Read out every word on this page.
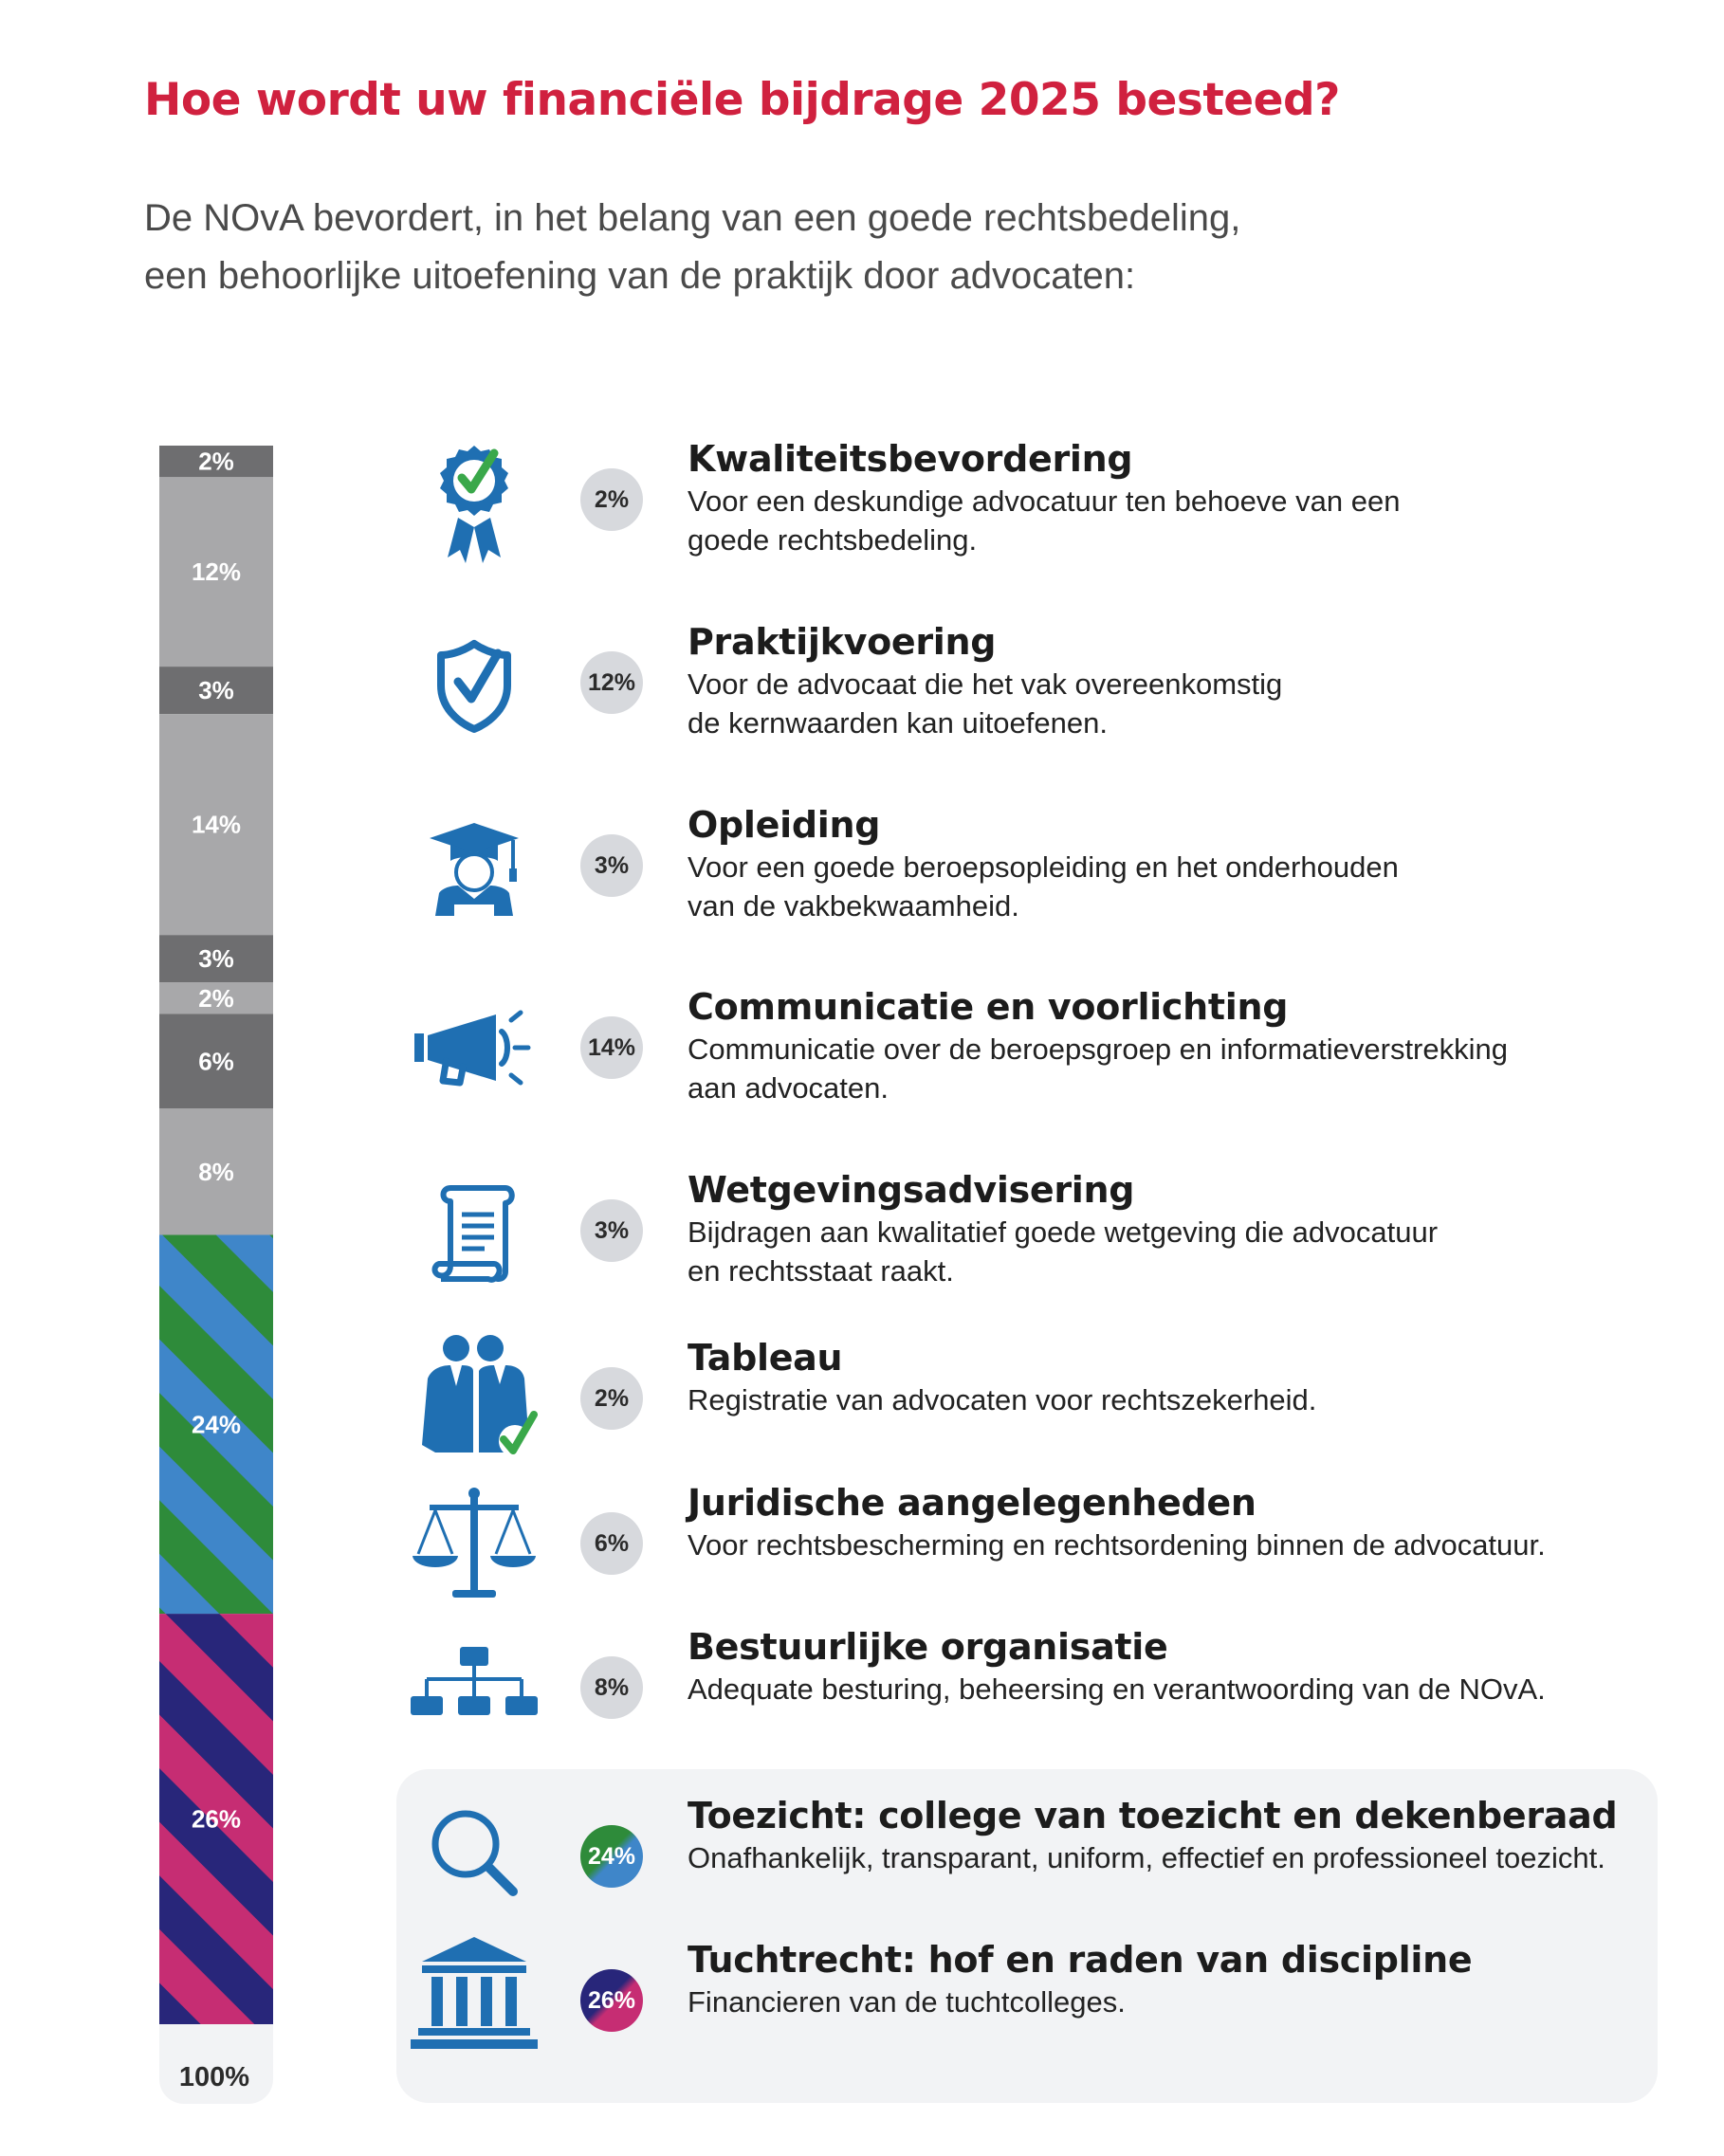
Hoe wordt uw financiële bijdrage 2025 besteed?

De NOvA bevordert, in het belang van een goede rechtsbedeling,
een behoorlijke uitoefening van de praktijk door advocaten:

2%
12%
3%
14%
3%
2%
6%
8%
24%
26%
100%
2%
Kwaliteitsbevordering

Voor een deskundige advocatuur ten behoeve van een
goede rechtsbedeling.

12%
Praktijkvoering

Voor de advocaat die het vak overeenkomstig
de kernwaarden kan uitoefenen.

3%
Opleiding

Voor een goede beroepsopleiding en het onderhouden
van de vakbekwaamheid.

14%
Communicatie en voorlichting

Communicatie over de beroepsgroep en informatieverstrekking
aan advocaten.

3%
Wetgevingsadvisering

Bijdragen aan kwalitatief goede wetgeving die advocatuur
en rechtsstaat raakt.

2%
Tableau

Registratie van advocaten voor rechtszekerheid.

6%
Juridische aangelegenheden

Voor rechtsbescherming en rechtsordening binnen de advocatuur.

8%
Bestuurlijke organisatie

Adequate besturing, beheersing en verantwoording van de NOvA.

24%
Toezicht: college van toezicht en dekenberaad

Onafhankelijk, transparant, uniform, effectief en professioneel toezicht.

26%
Tuchtrecht: hof en raden van discipline

Financieren van de tuchtcolleges.
